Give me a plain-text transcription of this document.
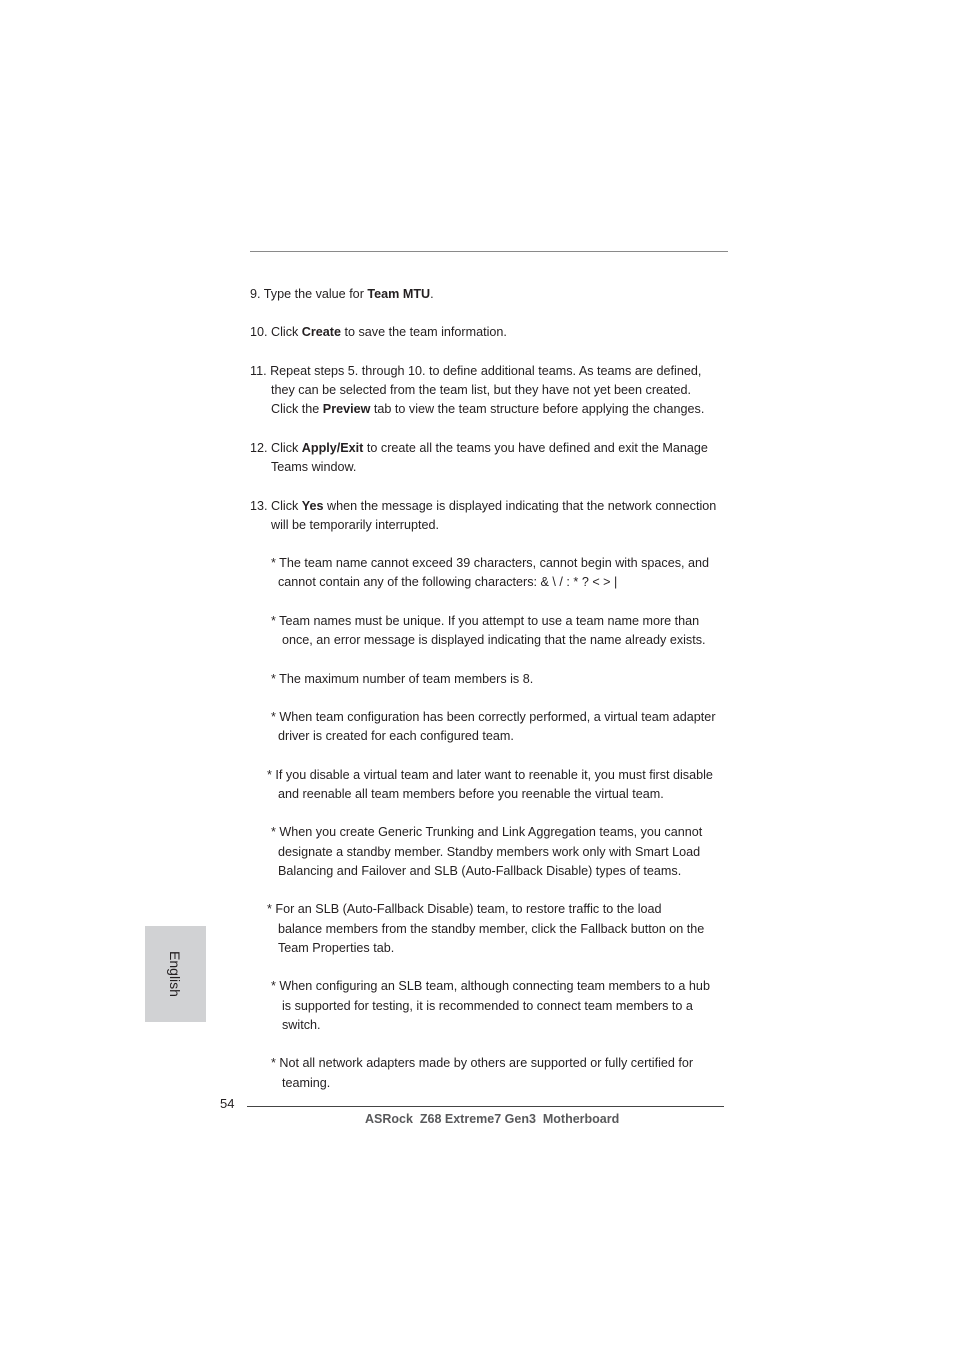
9. Type the value for Team MTU.
10. Click Create to save the team information.
11. Repeat steps 5. through 10. to define additional teams. As teams are defined,
they can be selected from the team list, but they have not yet been created.
Click the Preview tab to view the team structure before applying the changes.
12. Click Apply/Exit to create all the teams you have defined and exit the Manage
Teams window.
13. Click Yes when the message is displayed indicating that the network connection
will be temporarily interrupted.
* The team name cannot exceed 39 characters, cannot begin with spaces, and
cannot contain any of the following characters: & \ / : * ? < > |
* Team names must be unique. If you attempt to use a team name more than
once, an error message is displayed indicating that the name already exists.
* The maximum number of team members is 8.
* When team configuration has been correctly performed, a virtual team adapter
driver is created for each configured team.
* If you disable a virtual team and later want to reenable it, you must first disable
and reenable all team members before you reenable the virtual team.
* When you create Generic Trunking and Link Aggregation teams, you cannot
designate a standby member. Standby members work only with Smart Load
Balancing and Failover and SLB (Auto-Fallback Disable) types of teams.
* For an SLB (Auto-Fallback Disable) team, to restore traffic to the load
balance members from the standby member, click the Fallback button on the
Team Properties tab.
* When configuring an SLB team, although connecting team members to a hub
is supported for testing, it is recommended to connect team members to a
switch.
* Not all network adapters made by others are supported or fully certified for
teaming.
English
54
ASRock  Z68 Extreme7 Gen3  Motherboard
